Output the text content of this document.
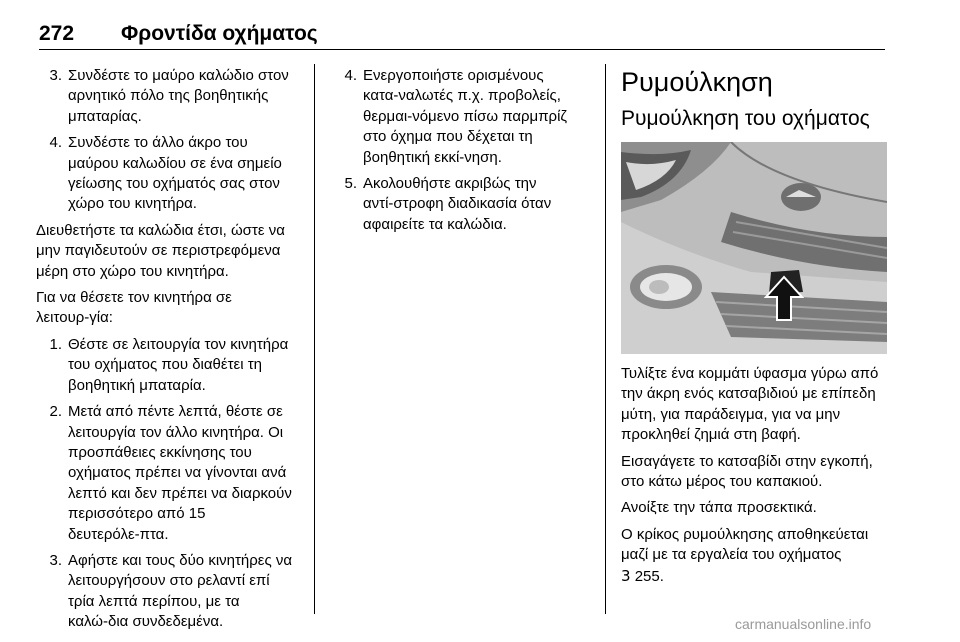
272 Φροντίδα οχήματος
3. Συνδέστε το μαύρο καλώδιο στον αρνητικό πόλο της βοηθητικής μπαταρίας.
4. Συνδέστε το άλλο άκρο του μαύρου καλωδίου σε ένα σημείο γείωσης του οχήματός σας στον χώρο του κινητήρα.
Διευθετήστε τα καλώδια έτσι, ώστε να μην παγιδευτούν σε περιστρεφόμενα μέρη στο χώρο του κινητήρα.
Για να θέσετε τον κινητήρα σε λειτουρ‑γία:
1. Θέστε σε λειτουργία τον κινητήρα του οχήματος που διαθέτει τη βοηθητική μπαταρία.
2. Μετά από πέντε λεπτά, θέστε σε λειτουργία τον άλλο κινητήρα. Οι προσπάθειες εκκίνησης του οχήματος πρέπει να γίνονται ανά λεπτό και δεν πρέπει να διαρκούν περισσότερο από 15 δευτερόλε‑πτα.
3. Αφήστε και τους δύο κινητήρες να λειτουργήσουν στο ρελαντί επί τρία λεπτά περίπου, με τα καλώ‑δια συνδεδεμένα.
4. Ενεργοποιήστε ορισμένους κατα‑ναλωτές π.χ. προβολείς, θερμαι‑νόμενο πίσω παρμπρίζ στο όχημα που δέχεται τη βοηθητική εκκί‑νηση.
5. Ακολουθήστε ακριβώς την αντί‑στροφη διαδικασία όταν αφαιρείτε τα καλώδια.
Ρυμούλκηση
Ρυμούλκηση του οχήματος
Τυλίξτε ένα κομμάτι ύφασμα γύρω από την άκρη ενός κατσαβιδιού με επίπεδη μύτη, για παράδειγμα, για να μην προκληθεί ζημιά στη βαφή.
Εισαγάγετε το κατσαβίδι στην εγκοπή, στο κάτω μέρος του καπακιού.
Ανοίξτε την τάπα προσεκτικά.
Ο κρίκος ρυμούλκησης αποθηκεύεται μαζί με τα εργαλεία του οχήματος
3 255.
carmanualsonline.info
